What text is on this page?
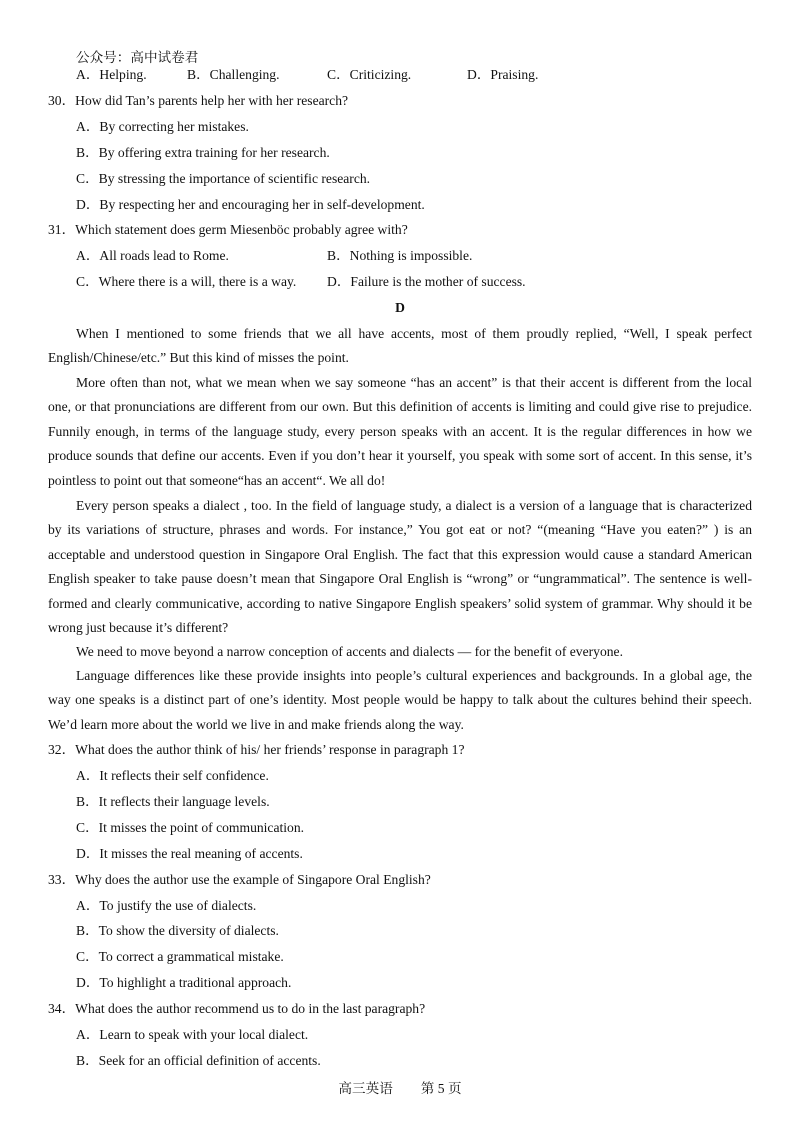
公众号：高中试卷君
A．Helping.	B．Challenging.	C．Criticizing.	D．Praising.
30．How did Tan’s parents help her with her research?
A．By correcting her mistakes.
B．By offering extra training for her research.
C．By stressing the importance of scientific research.
D．By respecting her and encouraging her in self-development.
31．Which statement does germ Miesenböc probably agree with?
A．All roads lead to Rome.	B．Nothing is impossible.
C．Where there is a will, there is a way. D．Failure is the mother of success.
D
When I mentioned to some friends that we all have accents, most of them proudly replied, “Well, I speak perfect English/Chinese/etc.” But this kind of misses the point.
More often than not, what we mean when we say someone “has an accent” is that their accent is different from the local one, or that pronunciations are different from our own. But this definition of accents is limiting and could give rise to prejudice. Funnily enough, in terms of the language study, every person speaks with an accent. It is the regular differences in how we produce sounds that define our accents. Even if you don’t hear it yourself, you speak with some sort of accent. In this sense, it’s pointless to point out that someone“has an accent“. We all do!
Every person speaks a dialect , too. In the field of language study, a dialect is a version of a language that is characterized by its variations of structure, phrases and words. For instance,” You got eat or not? “(meaning “Have you eaten?” ) is an acceptable and understood question in Singapore Oral English. The fact that this expression would cause a standard American English speaker to take pause doesn’t mean that Singapore Oral English is “wrong” or “ungrammatical”. The sentence is well-formed and clearly communicative, according to native Singapore English speakers’ solid system of grammar. Why should it be wrong just because it’s different?
We need to move beyond a narrow conception of accents and dialects — for the benefit of everyone.
Language differences like these provide insights into people’s cultural experiences and backgrounds. In a global age, the way one speaks is a distinct part of one’s identity. Most people would be happy to talk about the cultures behind their speech. We’d learn more about the world we live in and make friends along the way.
32．What does the author think of his/ her friends’ response in paragraph 1?
A．It reflects their self confidence.
B．It reflects their language levels.
C．It misses the point of communication.
D．It misses the real meaning of accents.
33．Why does the author use the example of Singapore Oral English?
A．To justify the use of dialects.
B．To show the diversity of dialects.
C．To correct a grammatical mistake.
D．To highlight a traditional approach.
34．What does the author recommend us to do in the last paragraph?
A．Learn to speak with your local dialect.
B．Seek for an official definition of accents.
高三英语 第 5 页
